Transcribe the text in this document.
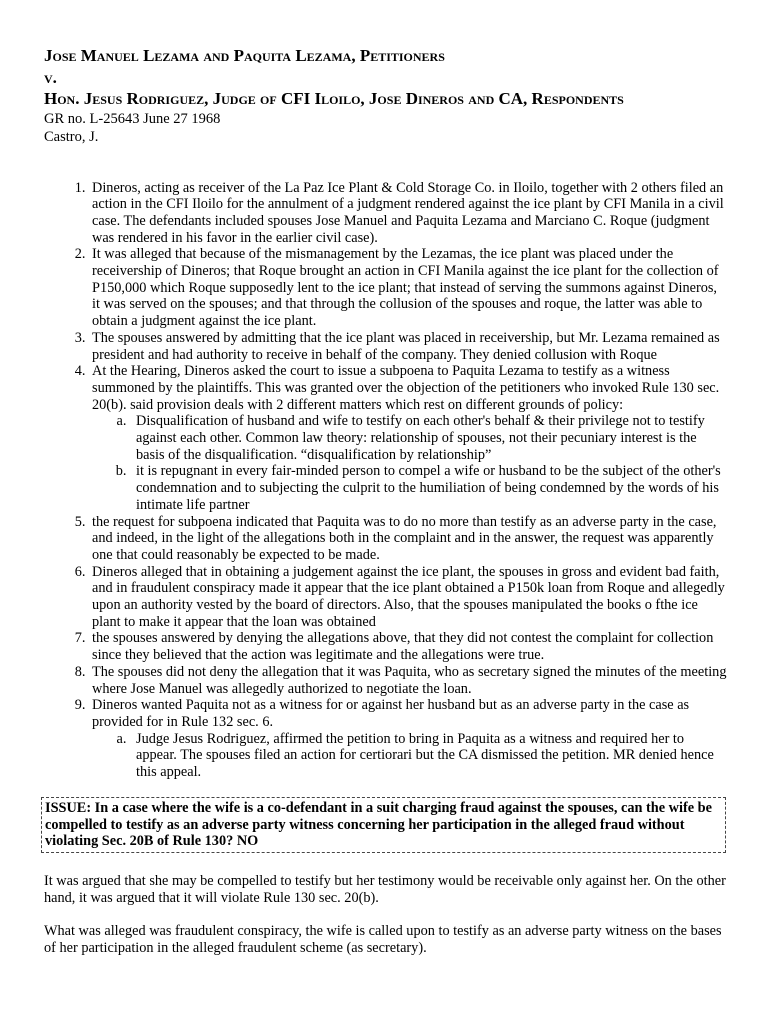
Jose Manuel Lezama and Paquita Lezama, Petitioners
v.
Hon. Jesus Rodriguez, Judge of CFI Iloilo, Jose Dineros and CA, Respondents
GR no. L-25643 June 27 1968
Castro, J.
1. Dineros, acting as receiver of the La Paz Ice Plant & Cold Storage Co. in Iloilo, together with 2 others filed an action in the CFI Iloilo for the annulment of a judgment rendered against the ice plant by CFI Manila in a civil case. The defendants included spouses Jose Manuel and Paquita Lezama and Marciano C. Roque (judgment was rendered in his favor in the earlier civil case).
2. It was alleged that because of the mismanagement by the Lezamas, the ice plant was placed under the receivership of Dineros; that Roque brought an action in CFI Manila against the ice plant for the collection of P150,000 which Roque supposedly lent to the ice plant; that instead of serving the summons against Dineros, it was served on the spouses; and that through the collusion of the spouses and roque, the latter was able to obtain a judgment against the ice plant.
3. The spouses answered by admitting that the ice plant was placed in receivership, but Mr. Lezama remained as president and had authority to receive in behalf of the company. They denied collusion with Roque
4. At the Hearing, Dineros asked the court to issue a subpoena to Paquita Lezama to testify as a witness summoned by the plaintiffs. This was granted over the objection of the petitioners who invoked Rule 130 sec. 20(b). said provision deals with 2 different matters which rest on different grounds of policy:
a. Disqualification of husband and wife to testify on each other's behalf & their privilege not to testify against each other. Common law theory: relationship of spouses, not their pecuniary interest is the basis of the disqualification. “disqualification by relationship”
b. it is repugnant in every fair-minded person to compel a wife or husband to be the subject of the other's condemnation and to subjecting the culprit to the humiliation of being condemned by the words of his intimate life partner
5. the request for subpoena indicated that Paquita was to do no more than testify as an adverse party in the case, and indeed, in the light of the allegations both in the complaint and in the answer, the request was apparently one that could reasonably be expected to be made.
6. Dineros alleged that in obtaining a judgement against the ice plant, the spouses in gross and evident bad faith, and in fraudulent conspiracy made it appear that the ice plant obtained a P150k loan from Roque and allegedly upon an authority vested by the board of directors. Also, that the spouses manipulated the books o fthe ice plant to make it appear that the loan was obtained
7. the spouses answered by denying the allegations above, that they did not contest the complaint for collection since they believed that the action was legitimate and the allegations were true.
8. The spouses did not deny the allegation that it was Paquita, who as secretary signed the minutes of the meeting where Jose Manuel was allegedly authorized to negotiate the loan.
9. Dineros wanted Paquita not as a witness for or against her husband but as an adverse party in the case as provided for in Rule 132 sec. 6.
a. Judge Jesus Rodriguez, affirmed the petition to bring in Paquita as a witness and required her to appear. The spouses filed an action for certiorari but the CA dismissed the petition. MR denied hence this appeal.
ISSUE: In a case where the wife is a co-defendant in a suit charging fraud against the spouses, can the wife be compelled to testify as an adverse party witness concerning her participation in the alleged fraud without violating Sec. 20B of Rule 130? NO

It was argued that she may be compelled to testify but her testimony would be receivable only against her. On the other hand, it was argued that it will violate Rule 130 sec. 20(b).

What was alleged was fraudulent conspiracy, the wife is called upon to testify as an adverse party witness on the bases of her participation in the alleged fraudulent scheme (as secretary).
